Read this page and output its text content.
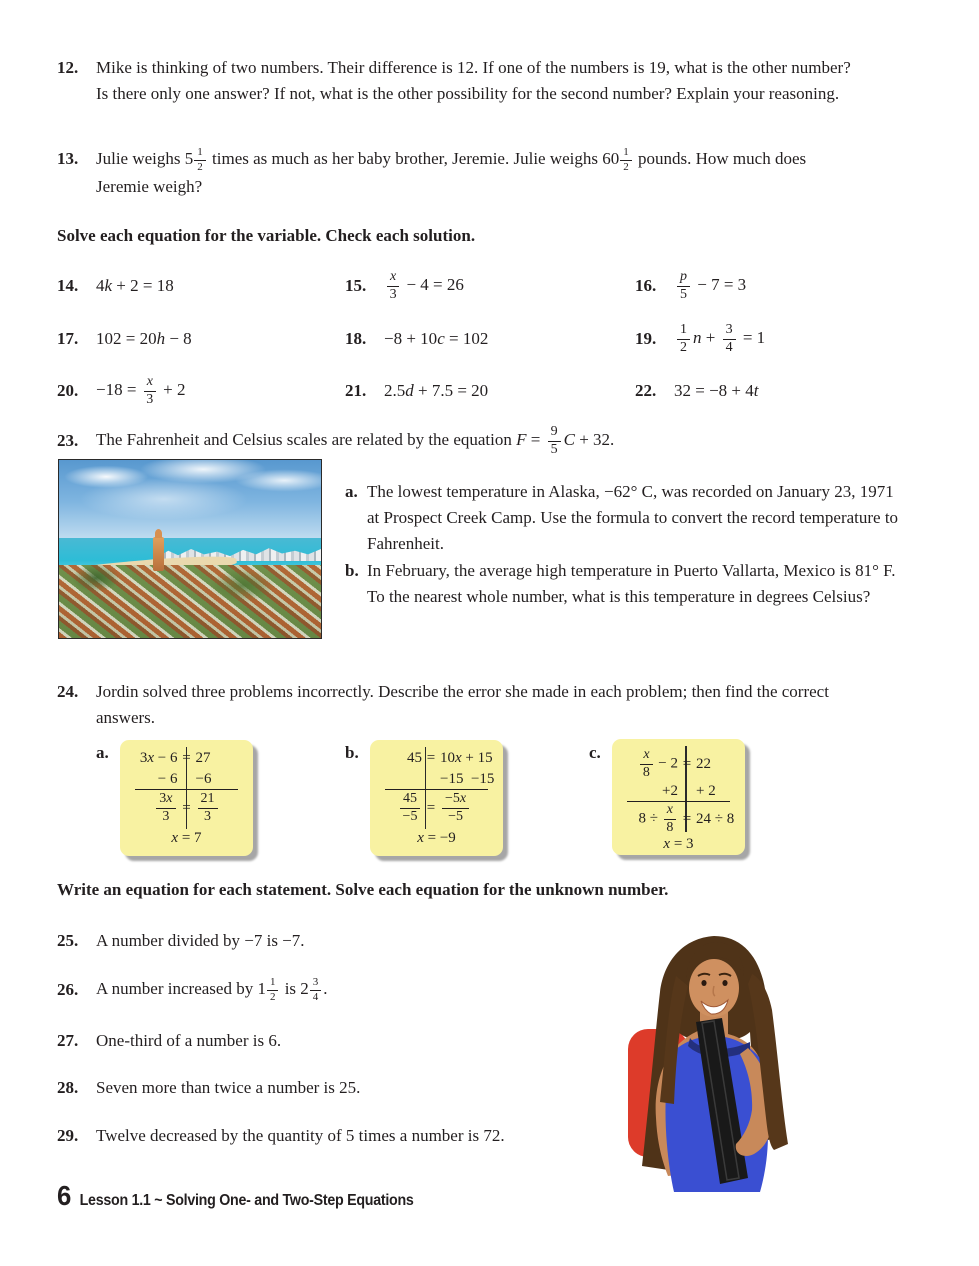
12.	Mike is thinking of two numbers. Their difference is 12. If one of the numbers is 19, what is the other number? Is there only one answer? If not, what is the other possibility for the second number? Explain your reasoning.
13.	Julie weighs $5 \frac{1}{2}$ times as much as her baby brother, Jeremie. Julie weighs $60 \frac{1}{2}$ pounds. How much does Jeremie weigh?
Solve each equation for the variable. Check each solution.
14.	4k + 2 = 18	15.	$\frac{x}{3} - 4 = 26$	16.	$\frac{p}{5} - 7 = 3$
17.	102 = 20h − 8	18.	−8 + 10c = 102	19.	$\frac{1}{2}$ $n + \frac{3}{4} = 1$
20.	$-18 = \frac{x}{3} + 2$	21.	2.5d + 7.5 = 20	22.	32 = −8 + 4t
23.	The Fahrenheit and Celsius scales are related by the equation $F = \frac{9}{5}$ C + 32.
a. The lowest temperature in Alaska, −62° C, was recorded on January 23, 1971 at Prospect Creek Camp. Use the formula to convert the record temperature to Fahrenheit.
b. In February, the average high temperature in Puerto Vallarta, Mexico is 81° F. To the nearest whole number, what is this temperature in degrees Celsius?
24.	Jordin solved three problems incorrectly. Describe the error she made in each problem; then find the correct answers.
a.	3x − 6 = 27
− 6 −6
$\frac{3x}{3} = \frac{21}{3}$
x = 7
b.	45 = 10x + 15
−15  −15
$\frac{45}{-5} = \frac{-5x}{-5}$
x = −9
c.	$\frac{x}{8} - 2 = 22$
+2 + 2
$8 \div \frac{x}{8} = 24 \div 8$
x = 3
Write an equation for each statement. Solve each equation for the unknown number.
25.	A number divided by −7 is −7.
26.	A number increased by $1 \frac{1}{2}$ is $2 \frac{3}{4}$ .
27.	One-third of a number is 6.
28.	Seven more than twice a number is 25.
29.	Twelve decreased by the quantity of 5 times a number is 72.
6 Lesson 1.1 ~ Solving One- and Two-Step Equations
